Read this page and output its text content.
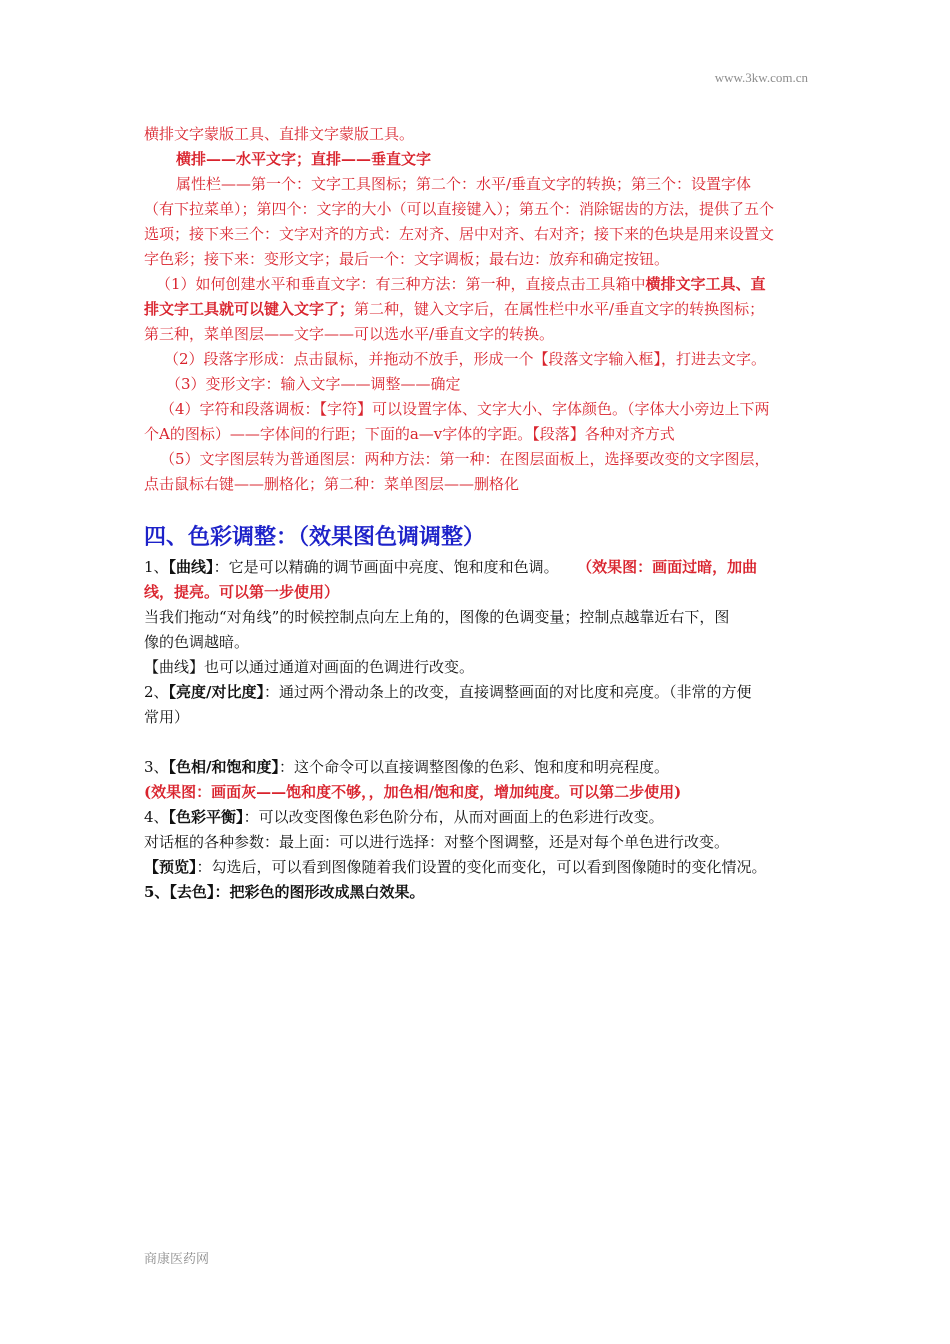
www.3kw.com.cn
横排文字蒙版工具、直排文字蒙版工具。
横排——水平文字；直排——垂直文字
属性栏——第一个：文字工具图标；第二个：水平/垂直文字的转换；第三个：设置字体
（有下拉菜单）；第四个：文字的大小（可以直接键入）；第五个：消除锯齿的方法，提供了五个
选项；接下来三个：文字对齐的方式：左对齐、居中对齐、右对齐；接下来的色块是用来设置文
字色彩；接下来：变形文字；最后一个：文字调板；最右边：放弃和确定按钮。
（1）如何创建水平和垂直文字：有三种方法：第一种，直接点击工具箱中横排文字工具、直
排文字工具就可以键入文字了；第二种，键入文字后，在属性栏中水平/垂直文字的转换图标；
第三种，菜单图层——文字——可以选水平/垂直文字的转换。
（2）段落字形成：点击鼠标，并拖动不放手，形成一个【段落文字输入框】，打进去文字。
（3）变形文字：输入文字——调整——确定
（4）字符和段落调板：【字符】可以设置字体、文字大小、字体颜色。（字体大小旁边上下两
个A的图标）——字体间的行距；下面的a—v字体的字距。【段落】各种对齐方式
（5）文字图层转为普通图层：两种方法：第一种：在图层面板上，选择要改变的文字图层，
点击鼠标右键——删格化；第二种：菜单图层——删格化
四、色彩调整：（效果图色调调整）
1、【曲线】：它是可以精确的调节画面中亮度、饱和度和色调。 （效果图：画面过暗，加曲
线，提亮。可以第一步使用）
当我们拖动“对角线”的时候控制点向左上角的，图像的色调变量；控制点越靠近右下，图
像的色调越暗。
【曲线】也可以通过通道对画面的色调进行改变。
2、【亮度/对比度】：通过两个滑动条上的改变，直接调整画面的对比度和亮度。（非常的方便
常用）
3、【色相/和饱和度】：这个命令可以直接调整图像的色彩、饱和度和明亮程度。
(效果图：画面灰——饱和度不够，，加色相/饱和度，增加纯度。可以第二步使用)
4、【色彩平衡】：可以改变图像色彩色阶分布，从而对画面上的色彩进行改变。
对话框的各种参数：最上面：可以进行选择：对整个图调整，还是对每个单色进行改变。
【预览】：勾选后，可以看到图像随着我们设置的变化而变化，可以看到图像随时的变化情况。
5、【去色】：把彩色的图形改成黑白效果。
商康医药网
